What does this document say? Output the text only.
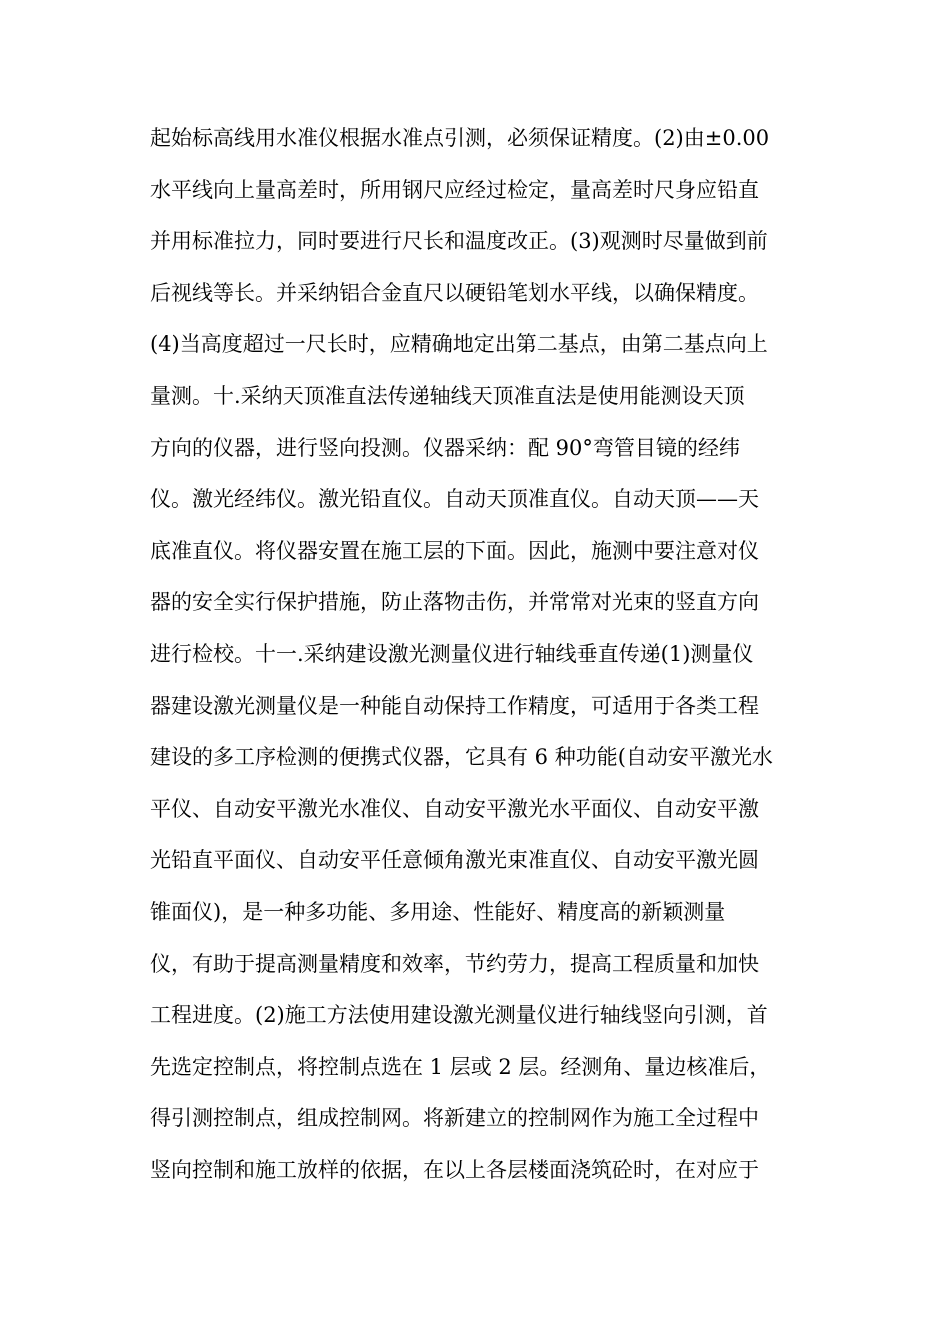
起始标高线用水准仪根据水准点引测，必须保证精度。(2)由±0.00
水平线向上量高差时，所用钢尺应经过检定，量高差时尺身应铅直
并用标准拉力，同时要进行尺长和温度改正。(3)观测时尽量做到前
后视线等长。并采纳铝合金直尺以硬铅笔划水平线，以确保精度。
(4)当高度超过一尺长时，应精确地定出第二基点，由第二基点向上
量测。十.采纳天顶准直法传递轴线天顶准直法是使用能测设天顶
方向的仪器，进行竖向投测。仪器采纳：配 90°弯管目镜的经纬
仪。激光经纬仪。激光铅直仪。自动天顶准直仪。自动天顶——天
底准直仪。将仪器安置在施工层的下面。因此，施测中要注意对仪
器的安全实行保护措施，防止落物击伤，并常常对光束的竖直方向
进行检校。十一.采纳建设激光测量仪进行轴线垂直传递(1)测量仪
器建设激光测量仪是一种能自动保持工作精度，可适用于各类工程
建设的多工序检测的便携式仪器，它具有 6 种功能(自动安平激光水
平仪、自动安平激光水准仪、自动安平激光水平面仪、自动安平激
光铅直平面仪、自动安平任意倾角激光束准直仪、自动安平激光圆
锥面仪)，是一种多功能、多用途、性能好、精度高的新颖测量
仪，有助于提高测量精度和效率，节约劳力，提高工程质量和加快
工程进度。(2)施工方法使用建设激光测量仪进行轴线竖向引测，首
先选定控制点，将控制点选在 1 层或 2 层。经测角、量边核准后，
得引测控制点，组成控制网。将新建立的控制网作为施工全过程中
竖向控制和施工放样的依据，在以上各层楼面浇筑砼时，在对应于
